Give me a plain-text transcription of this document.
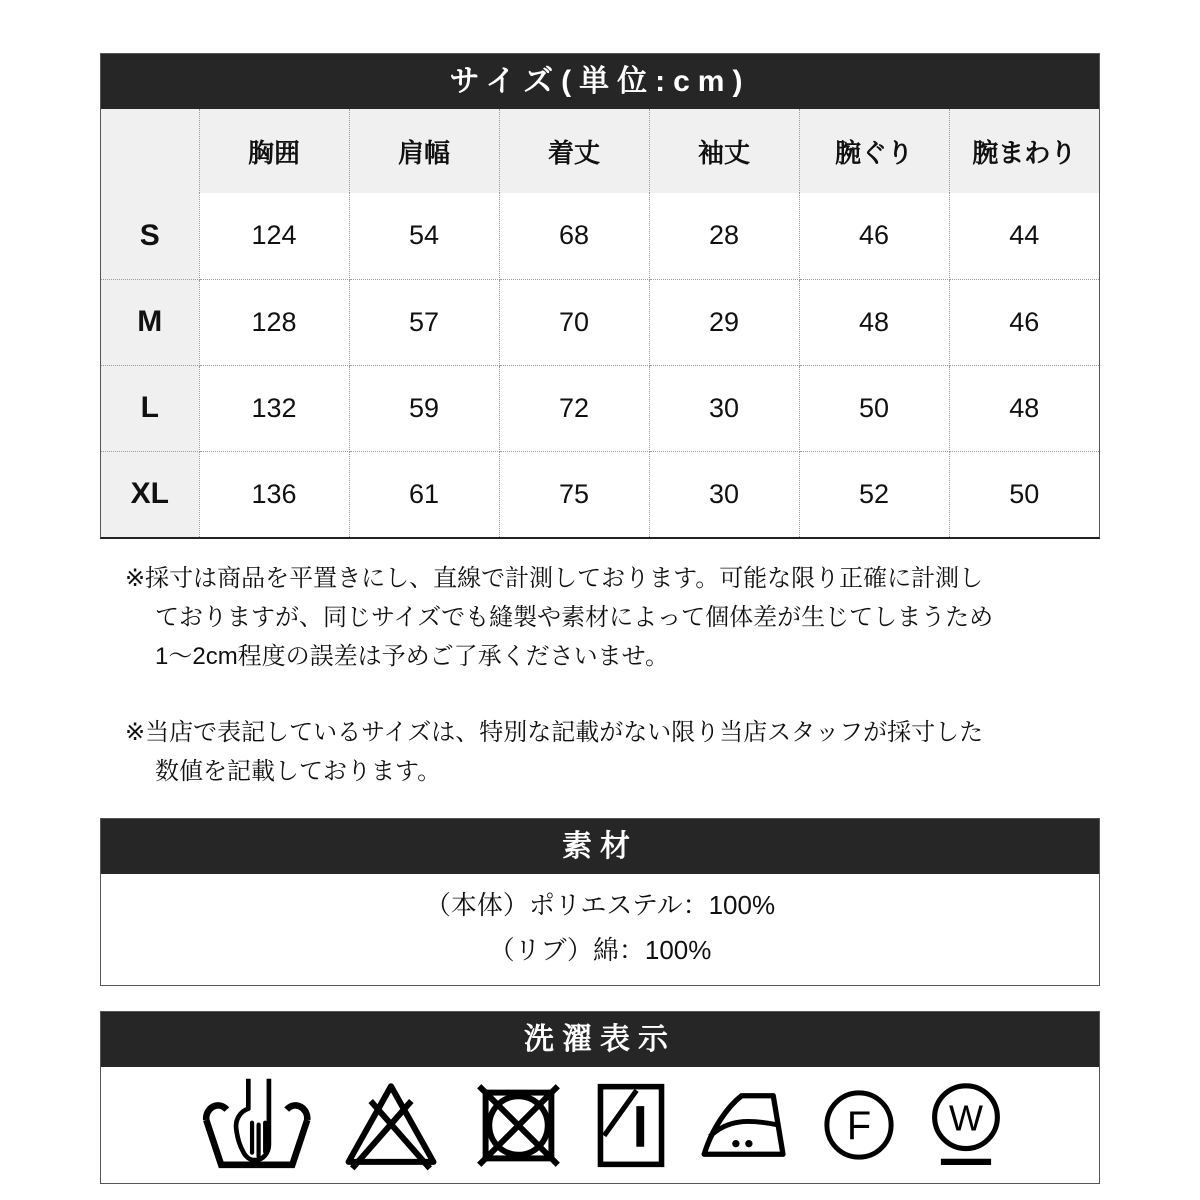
サイズ(単位:cm)
	胸囲	肩幅	着丈	袖丈	腕ぐり	腕まわり
S	124	54	68	28	46	44
M	128	57	70	29	48	46
L	132	59	72	30	50	48
XL	136	61	75	30	52	50
※採寸は商品を平置きにし、直線で計測しております。可能な限り正確に計測し
ておりますが、同じサイズでも縫製や素材によって個体差が生じてしまうため
1〜2cm程度の誤差は予めご了承くださいませ。
※当店で表記しているサイズは、特別な記載がない限り当店スタッフが採寸した
数値を記載しております。
素材
（本体）ポリエステル：100%
（リブ）綿：100%
洗濯表示
F W
